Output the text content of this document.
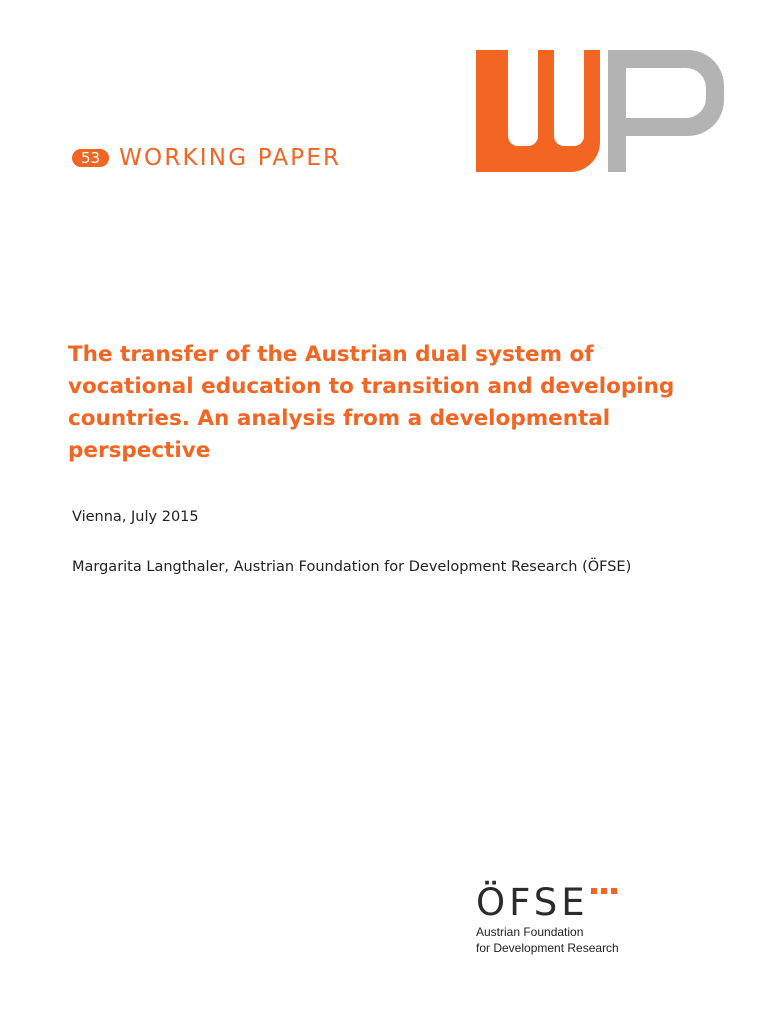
53 WORKING PAPER
The transfer of the Austrian dual system of vocational education to transition and developing countries. An analysis from a developmental perspective

Vienna, July 2015

Margarita Langthaler, Austrian Foundation for Development Research (ÖFSE)

ÖFSE
Austrian Foundation
for Development Research
